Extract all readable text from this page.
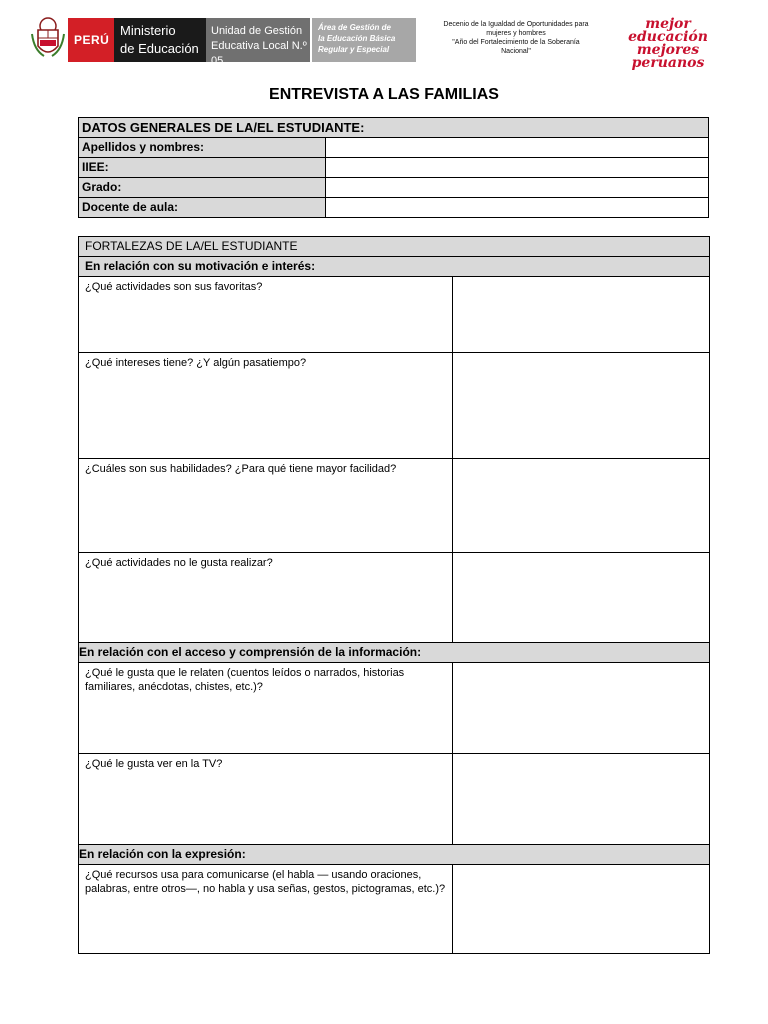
PERÚ
Ministerio
de Educación
Unidad de Gestión
Educativa Local N.º 05
Área de Gestión de
la Educación Básica
Regular y Especial
Decenio de la Igualdad de Oportunidades para
mujeres y hombres
"Año del Fortalecimiento de la Soberanía
Nacional"
mejor
educación
mejores
peruanos
ENTREVISTA A LAS FAMILIAS
DATOS GENERALES DE LA/EL ESTUDIANTE:	
Apellidos y nombres:	
IIEE:	
Grado:	
Docente de aula:	
FORTALEZAS DE LA/EL ESTUDIANTE	
En relación con su motivación e interés:	
¿Qué actividades son sus favoritas?	
¿Qué intereses tiene? ¿Y algún pasatiempo?	
¿Cuáles son sus habilidades? ¿Para qué tiene mayor facilidad?	
¿Qué actividades no le gusta realizar?	
En relación con el acceso y comprensión de la información:	
¿Qué le gusta que le relaten (cuentos leídos o narrados, historias familiares, anécdotas, chistes, etc.)?	
¿Qué le gusta ver en la TV?	
En relación con la expresión:	
¿Qué recursos usa para comunicarse (el habla — usando oraciones, palabras, entre otros—, no habla y usa señas, gestos, pictogramas, etc.)?	
